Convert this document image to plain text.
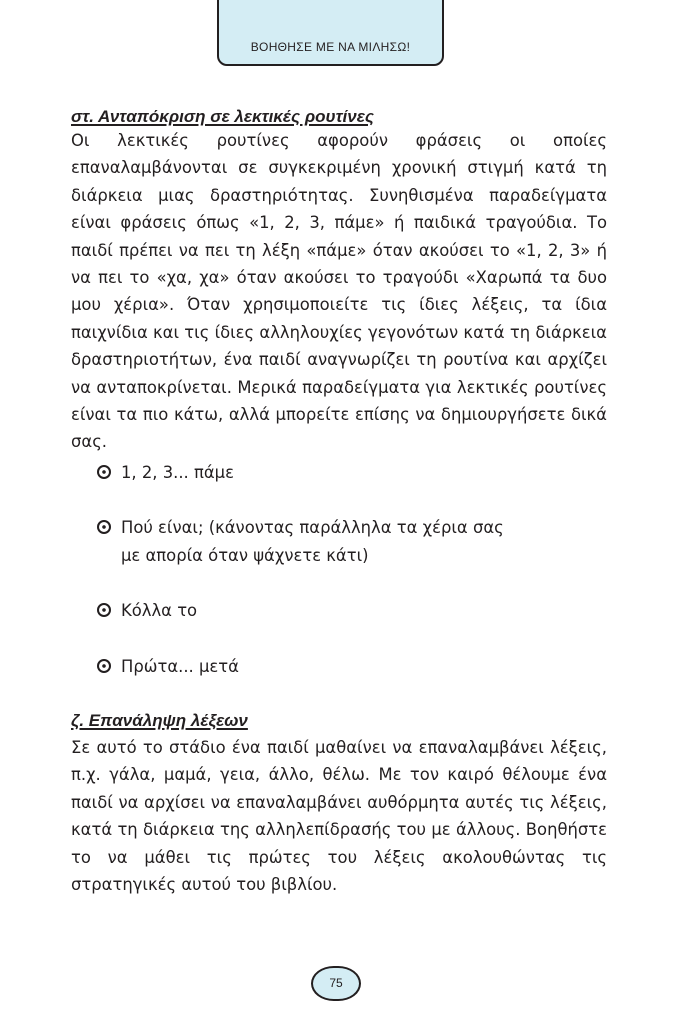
ΒΟΗΘΗΣΕ ΜΕ ΝΑ ΜΙΛΗΣΩ!
στ. Ανταπόκριση σε λεκτικές ρουτίνες

Οι λεκτικές ρουτίνες αφορούν φράσεις οι οποίες επαναλαμβάνονται σε συγκεκριμένη χρονική στιγμή κατά τη διάρκεια μιας δραστηριότητας. Συνηθισμένα παραδείγματα είναι φράσεις όπως «1, 2, 3, πάμε» ή παιδικά τραγούδια. Το παιδί πρέπει να πει τη λέξη «πάμε» όταν ακούσει το «1, 2, 3» ή να πει το «χα, χα» όταν ακούσει το τραγούδι «Χαρωπά τα δυο μου χέρια». Όταν χρησιμοποιείτε τις ίδιες λέξεις, τα ίδια παιχνίδια και τις ίδιες αλληλουχίες γεγονότων κατά τη διάρκεια δραστηριοτήτων, ένα παιδί αναγνωρίζει τη ρουτίνα και αρχίζει να ανταποκρίνεται. Μερικά παραδείγματα για λεκτικές ρουτίνες είναι τα πιο κάτω, αλλά μπορείτε επίσης να δημιουργήσετε δικά σας.

1, 2, 3... πάμε
Πού είναι; (κάνοντας παράλληλα τα χέρια σας με απορία όταν ψάχνετε κάτι)
Κόλλα το
Πρώτα... μετά
ζ. Επανάληψη λέξεων

Σε αυτό το στάδιο ένα παιδί μαθαίνει να επαναλαμβάνει λέξεις, π.χ. γάλα, μαμά, γεια, άλλο, θέλω. Με τον καιρό θέλουμε ένα παιδί να αρχίσει να επαναλαμβάνει αυθόρμητα αυτές τις λέξεις, κατά τη διάρκεια της αλληλεπίδρασής του με άλλους. Βοηθήστε το να μάθει τις πρώτες του λέξεις ακολουθώντας τις στρατηγικές αυτού του βιβλίου.

75
